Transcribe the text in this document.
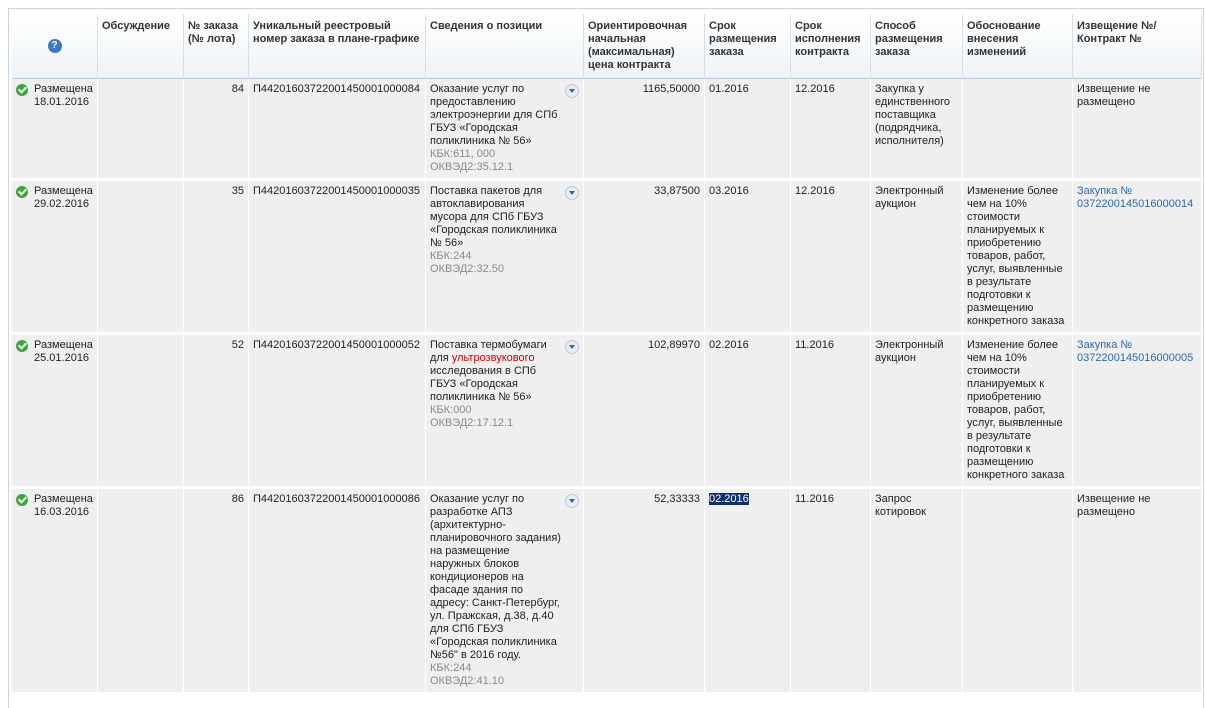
?	Обсуждение	№ заказа (№ лота)	Уникальный реестровый номер заказа в плане-графике	Сведения о позиции	Ориентировочная начальная (максимальная) цена контракта	Срок размещения заказа	Срок исполнения контракта	Способ размещения заказа	Обоснование внесения изменений	Извещение №/ Контракт №

Размещена 18.01.2016		84	П44201603722001450001000084	Оказание услуг по предоставлению электроэнергии для СПб ГБУЗ «Городская поликлиника № 56»
КБК:611, 000
ОКВЭД2:35.12.1	1165,50000	01.2016	12.2016	Закупка у единственного поставщика (подрядчика, исполнителя)		Извещение не размещено

Размещена 29.02.2016		35	П44201603722001450001000035	Поставка пакетов для автоклавирования мусора для СПб ГБУЗ «Городская поликлиника № 56»
КБК:244
ОКВЭД2:32.50	33,87500	03.2016	12.2016	Электронный аукцион	Изменение более чем на 10% стоимости планируемых к приобретению товаров, работ, услуг, выявленные в результате подготовки к размещению конкретного заказа	Закупка № 0372200145016000014

Размещена 25.01.2016		52	П44201603722001450001000052	Поставка термобумаги для ультрозвукового исследования в СПб ГБУЗ «Городская поликлиника № 56»
КБК:000
ОКВЭД2:17.12.1	102,89970	02.2016	11.2016	Электронный аукцион	Изменение более чем на 10% стоимости планируемых к приобретению товаров, работ, услуг, выявленные в результате подготовки к размещению конкретного заказа	Закупка № 0372200145016000005

Размещена 16.03.2016		86	П44201603722001450001000086	Оказание услуг по разработке АПЗ (архитектурно-планировочного задания) на размещение наружных блоков кондиционеров на фасаде здания по адресу: Санкт-Петербург, ул. Пражская, д.38, д.40 для СПб ГБУЗ «Городская поликлиника №56" в 2016 году.
КБК:244
ОКВЭД2:41.10	52,33333	02.2016	11.2016	Запрос котировок		Извещение не размещено
